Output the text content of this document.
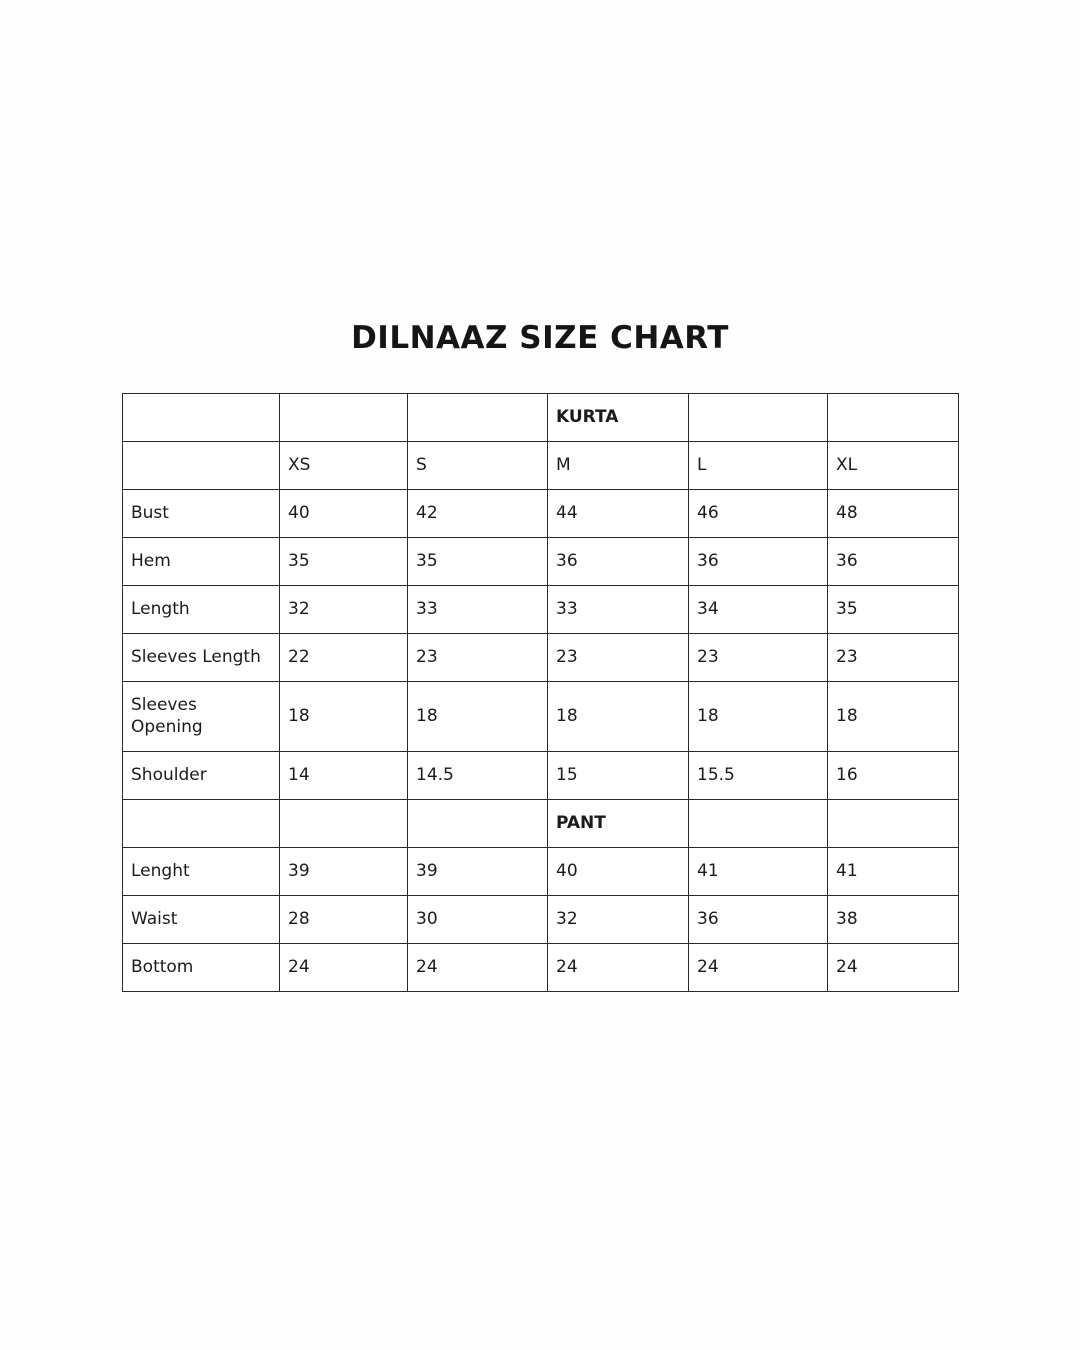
DILNAAZ SIZE CHART
			KURTA		
	XS	S	M	L	XL
Bust	40	42	44	46	48
Hem	35	35	36	36	36
Length	32	33	33	34	35
Sleeves Length	22	23	23	23	23
Sleeves Opening	18	18	18	18	18
Shoulder	14	14.5	15	15.5	16
			PANT		
Lenght	39	39	40	41	41
Waist	28	30	32	36	38
Bottom	24	24	24	24	24
